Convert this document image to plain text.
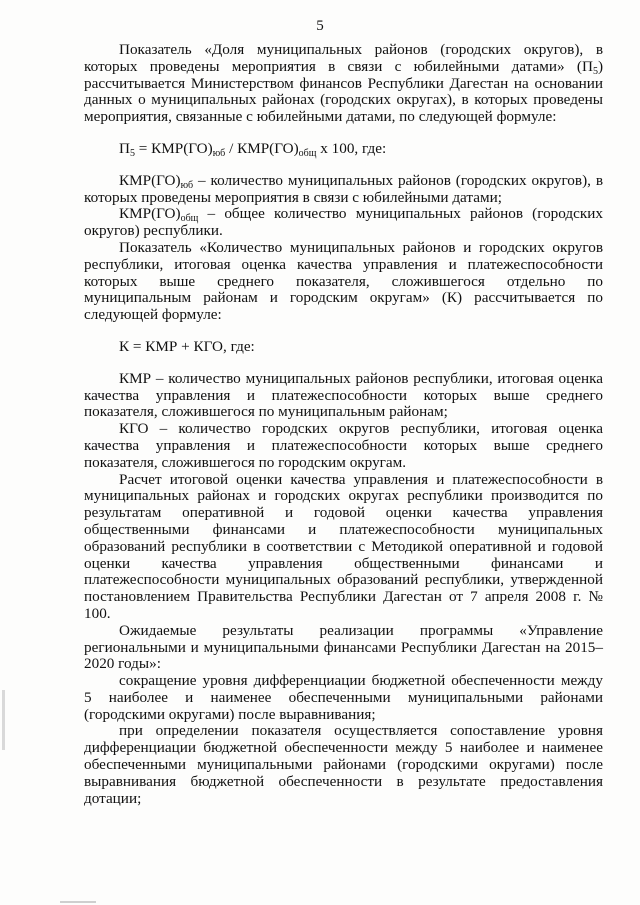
5

Показатель «Доля муниципальных районов (городских округов), в которых проведены мероприятия в связи с юбилейными датами» $(П_5)$ рассчитывается Министерством финансов Республики Дагестан на основании данных о муниципальных районах (городских округах), в которых проведены мероприятия, связанные с юбилейными датами, по следующей формуле:

$П_5 = КМР(ГО)_{юб} / КМР(ГО)_{общ}$ х 100, где:

$КМР(ГО)_{юб}$ – количество муниципальных районов (городских округов), в которых проведены мероприятия в связи с юбилейными датами;

$КМР(ГО)_{общ}$ – общее количество муниципальных районов (городских округов) республики.

Показатель «Количество муниципальных районов и городских округов республики, итоговая оценка качества управления и платежеспособности которых выше среднего показателя, сложившегося отдельно по муниципальным районам и городским округам» (К) рассчитывается по следующей формуле:

К = КМР + КГО, где:

КМР – количество муниципальных районов республики, итоговая оценка качества управления и платежеспособности которых выше среднего показателя, сложившегося по муниципальным районам;

КГО – количество городских округов республики, итоговая оценка качества управления и платежеспособности которых выше среднего показателя, сложившегося по городским округам.

Расчет итоговой оценки качества управления и платежеспособности в муниципальных районах и городских округах республики производится по результатам оперативной и годовой оценки качества управления общественными финансами и платежеспособности муниципальных образований республики в соответствии с Методикой оперативной и годовой оценки качества управления общественными финансами и платежеспособности муниципальных образований республики, утвержденной постановлением Правительства Республики Дагестан от 7 апреля 2008 г. № 100.

Ожидаемые результаты реализации программы «Управление региональными и муниципальными финансами Республики Дагестан на 2015–2020 годы»:

сокращение уровня дифференциации бюджетной обеспеченности между 5 наиболее и наименее обеспеченными муниципальными районами (городскими округами) после выравнивания;

при определении показателя осуществляется сопоставление уровня дифференциации бюджетной обеспеченности между 5 наиболее и наименее обеспеченными муниципальными районами (городскими округами) после выравнивания бюджетной обеспеченности в результате предоставления дотации;
